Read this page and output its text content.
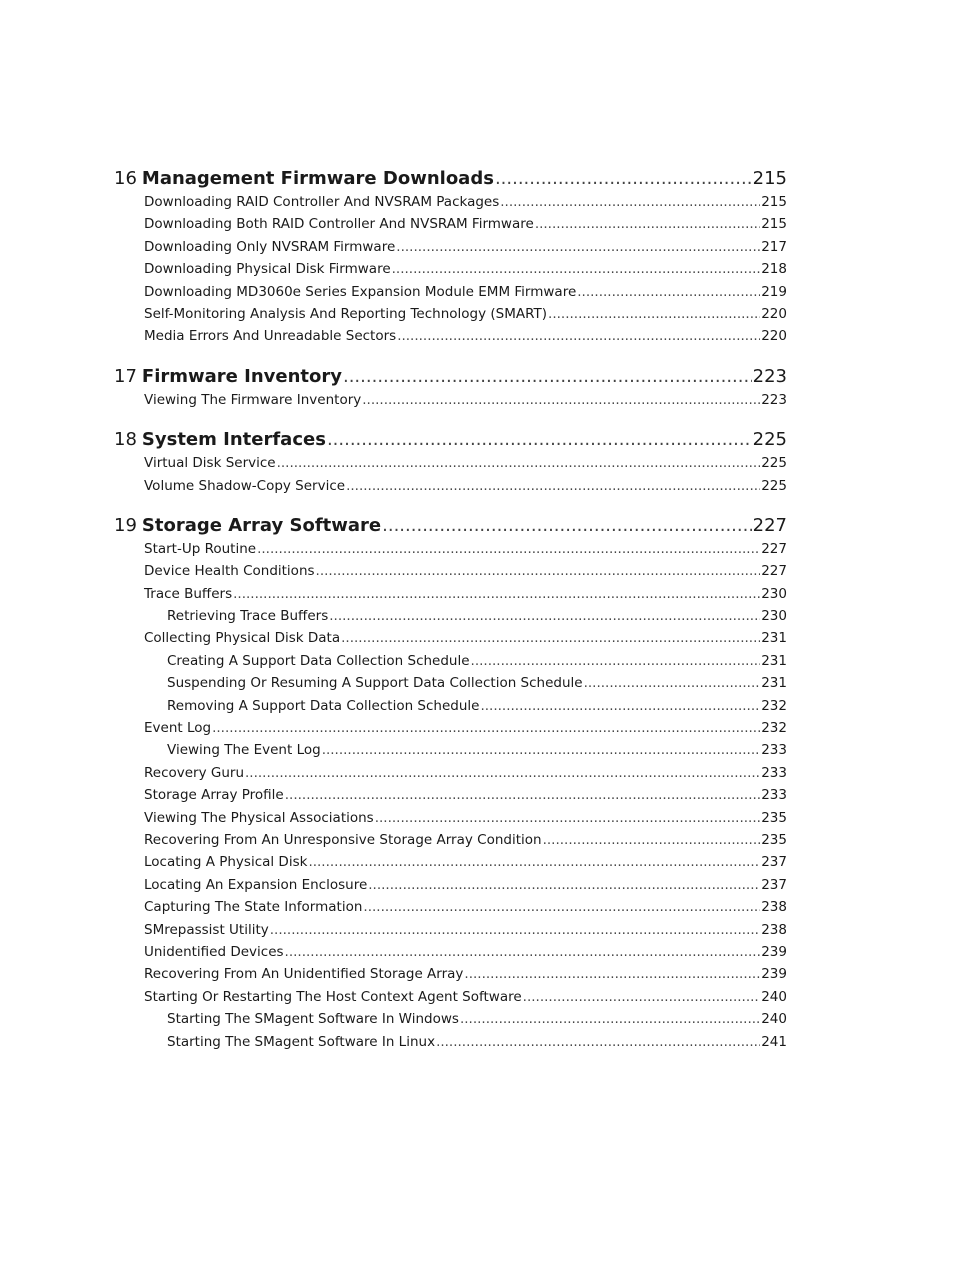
16 Management Firmware Downloads .....	215
Downloading RAID Controller And NVSRAM Packages .....	215
Downloading Both RAID Controller And NVSRAM Firmware .....	215
Downloading Only NVSRAM Firmware .....	217
Downloading Physical Disk Firmware .....	218
Downloading MD3060e Series Expansion Module EMM Firmware .....	219
Self-Monitoring Analysis And Reporting Technology (SMART) .....	220
Media Errors And Unreadable Sectors .....	220
17 Firmware Inventory .....	223
Viewing The Firmware Inventory .....	223
18 System Interfaces .....	225
Virtual Disk Service .....	225
Volume Shadow-Copy Service .....	225
19 Storage Array Software .....	227
Start-Up Routine .....	227
Device Health Conditions .....	227
Trace Buffers .....	230
Retrieving Trace Buffers .....	230
Collecting Physical Disk Data .....	231
Creating A Support Data Collection Schedule .....	231
Suspending Or Resuming A Support Data Collection Schedule .....	231
Removing A Support Data Collection Schedule .....	232
Event Log .....	232
Viewing The Event Log .....	233
Recovery Guru .....	233
Storage Array Profile .....	233
Viewing The Physical Associations .....	235
Recovering From An Unresponsive Storage Array Condition .....	235
Locating A Physical Disk .....	237
Locating An Expansion Enclosure .....	237
Capturing The State Information .....	238
SMrepassist Utility .....	238
Unidentified Devices .....	239
Recovering From An Unidentified Storage Array .....	239
Starting Or Restarting The Host Context Agent Software .....	240
Starting The SMagent Software In Windows .....	240
Starting The SMagent Software In Linux .....	241
